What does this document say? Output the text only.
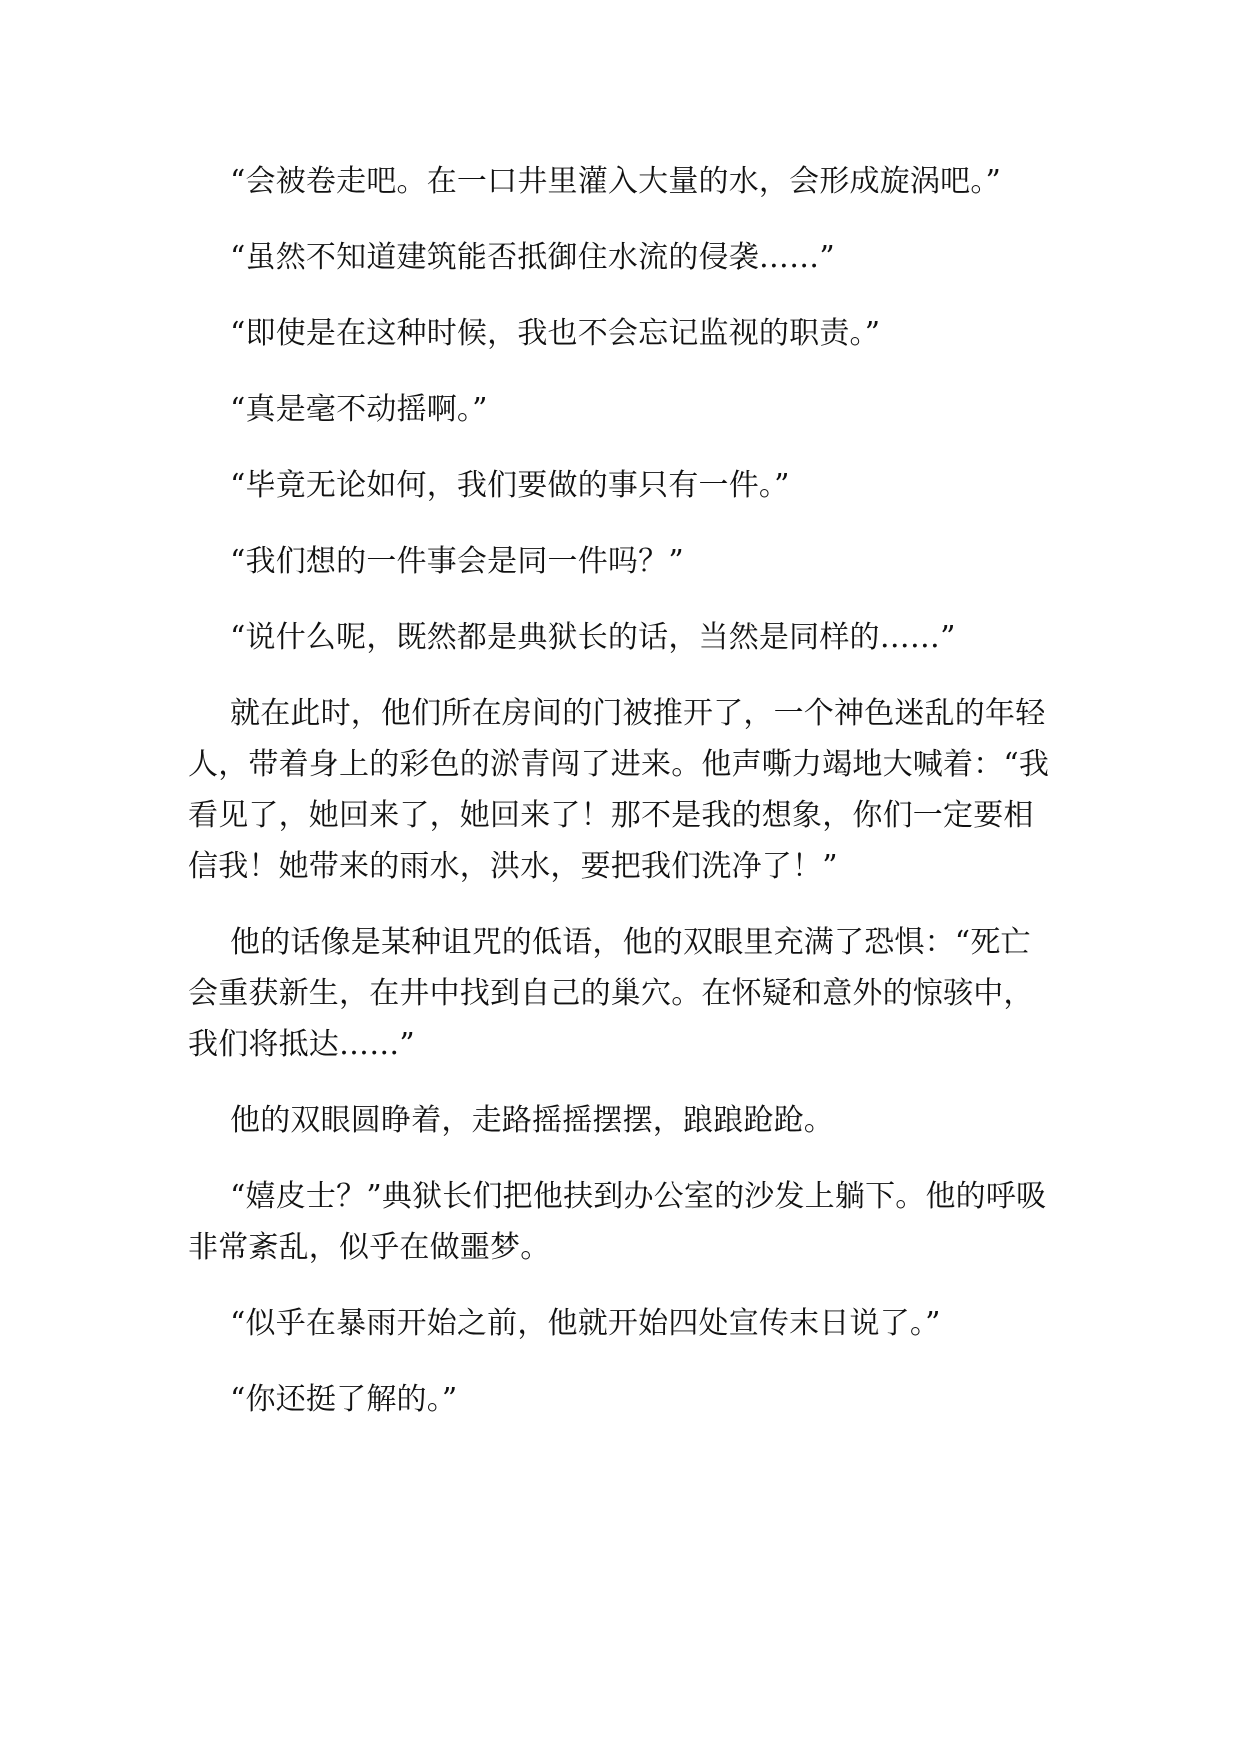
“会被卷走吧。在一口井里灌入大量的水，会形成旋涡吧。”

“虽然不知道建筑能否抵御住水流的侵袭……”

“即使是在这种时候，我也不会忘记监视的职责。”

“真是毫不动摇啊。”

“毕竟无论如何，我们要做的事只有一件。”

“我们想的一件事会是同一件吗？”

“说什么呢，既然都是典狱长的话，当然是同样的……”

就在此时，他们所在房间的门被推开了，一个神色迷乱的年轻人，带着身上的彩色的淤青闯了进来。他声嘶力竭地大喊着：“我看见了，她回来了，她回来了！那不是我的想象，你们一定要相信我！她带来的雨水，洪水，要把我们洗净了！”

他的话像是某种诅咒的低语，他的双眼里充满了恐惧：“死亡会重获新生，在井中找到自己的巢穴。在怀疑和意外的惊骇中，我们将抵达……”

他的双眼圆睁着，走路摇摇摆摆，踉踉跄跄。

“嬉皮士？”典狱长们把他扶到办公室的沙发上躺下。他的呼吸非常紊乱，似乎在做噩梦。

“似乎在暴雨开始之前，他就开始四处宣传末日说了。”

“你还挺了解的。”
